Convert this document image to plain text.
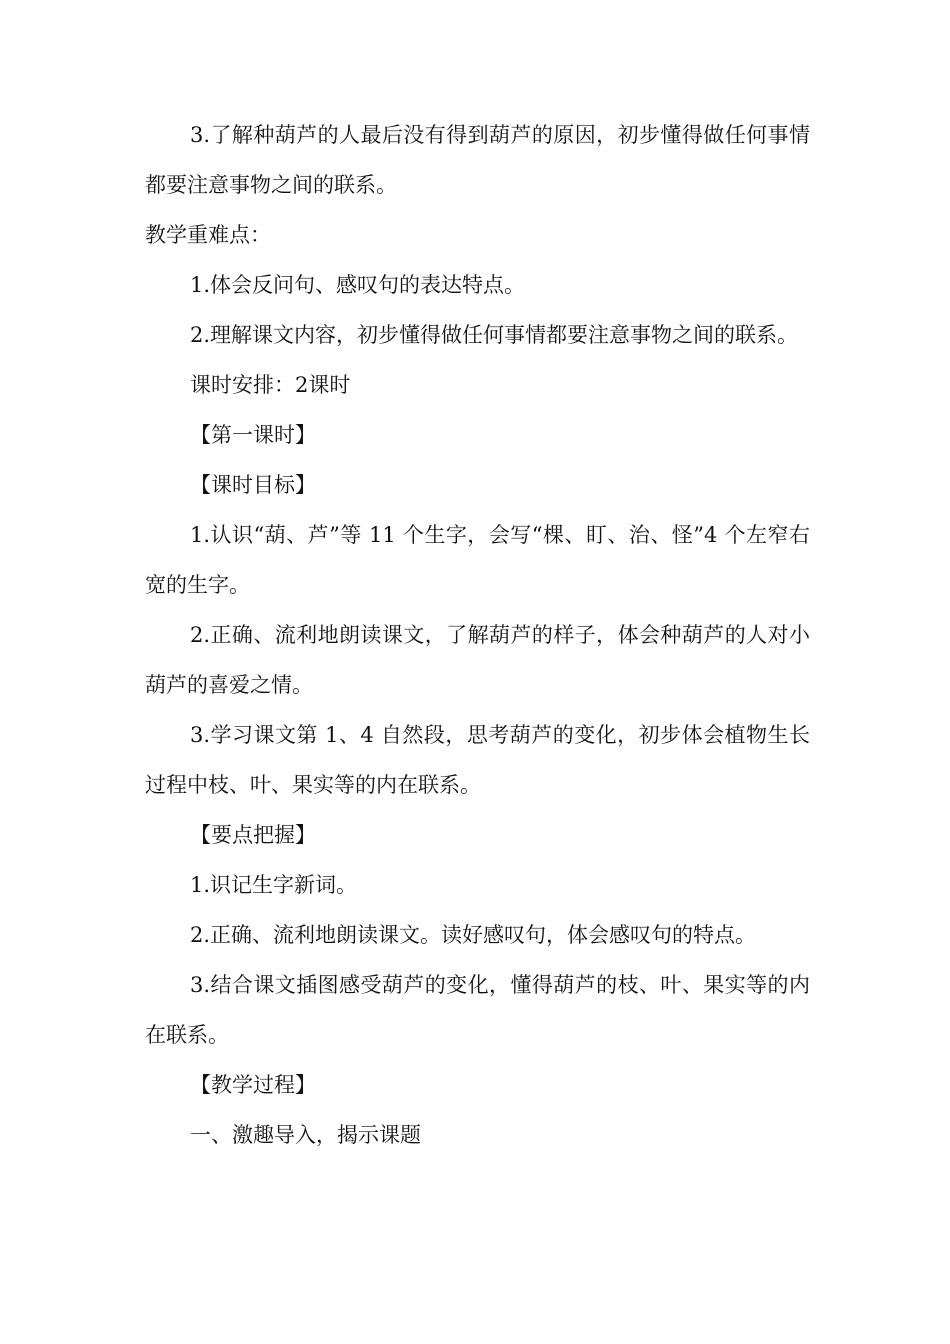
3.了解种葫芦的人最后没有得到葫芦的原因，初步懂得做任何事情都要注意事物之间的联系。

教学重难点：

1.体会反问句、感叹句的表达特点。

2.理解课文内容，初步懂得做任何事情都要注意事物之间的联系。

课时安排：2课时

【第一课时】

【课时目标】

1.认识“葫、芦”等 11 个生字，会写“棵、盯、治、怪”4 个左窄右宽的生字。

2.正确、流利地朗读课文，了解葫芦的样子，体会种葫芦的人对小葫芦的喜爱之情。

3.学习课文第 1、4 自然段，思考葫芦的变化，初步体会植物生长过程中枝、叶、果实等的内在联系。

【要点把握】

1.识记生字新词。

2.正确、流利地朗读课文。读好感叹句，体会感叹句的特点。

3.结合课文插图感受葫芦的变化，懂得葫芦的枝、叶、果实等的内在联系。

【教学过程】

一、激趣导入，揭示课题
